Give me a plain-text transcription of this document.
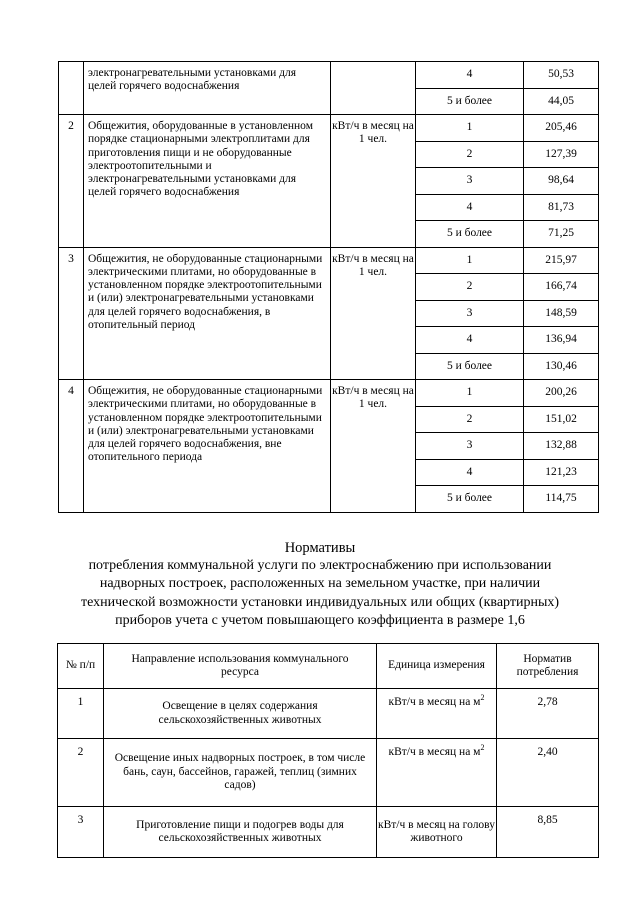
	электронагревательными установками для целей горячего водоснабжения		4	50,53
			5 и более	44,05
2	Общежития, оборудованные в установленном порядке стационарными электроплитами для приготовления пищи и не оборудованные электроотопительными и электронагревательными установками для целей горячего водоснабжения	кВт/ч в месяц на 1 чел.	1	205,46
			2	127,39
			3	98,64
			4	81,73
			5 и более	71,25
3	Общежития, не оборудованные стационарными электрическими плитами, но оборудованные в установленном порядке электроотопительными и (или) электронагревательными установками для целей горячего водоснабжения, в отопительный период	кВт/ч в месяц на 1 чел.	1	215,97
			2	166,74
			3	148,59
			4	136,94
			5 и более	130,46
4	Общежития, не оборудованные стационарными электрическими плитами, но оборудованные в установленном порядке электроотопительными и (или) электронагревательными установками для целей горячего водоснабжения, вне отопительного периода	кВт/ч в месяц на 1 чел.	1	200,26
			2	151,02
			3	132,88
			4	121,23
			5 и более	114,75
Нормативы
потребления коммунальной услуги по электроснабжению при использовании
надворных построек, расположенных на земельном участке, при наличии
технической возможности установки индивидуальных или общих (квартирных)
приборов учета с учетом повышающего коэффициента в размере 1,6
№ п/п	Направление использования коммунального ресурса	Единица измерения	Норматив потребления
1	Освещение в целях содержания сельскохозяйственных животных	кВт/ч в месяц на $м^2$	2,78
2	Освещение иных надворных построек, в том числе бань, саун, бассейнов, гаражей, теплиц (зимних садов)	кВт/ч в месяц на $м^2$	2,40
3	Приготовление пищи и подогрев воды для сельскохозяйственных животных	кВт/ч в месяц на голову животного	8,85
